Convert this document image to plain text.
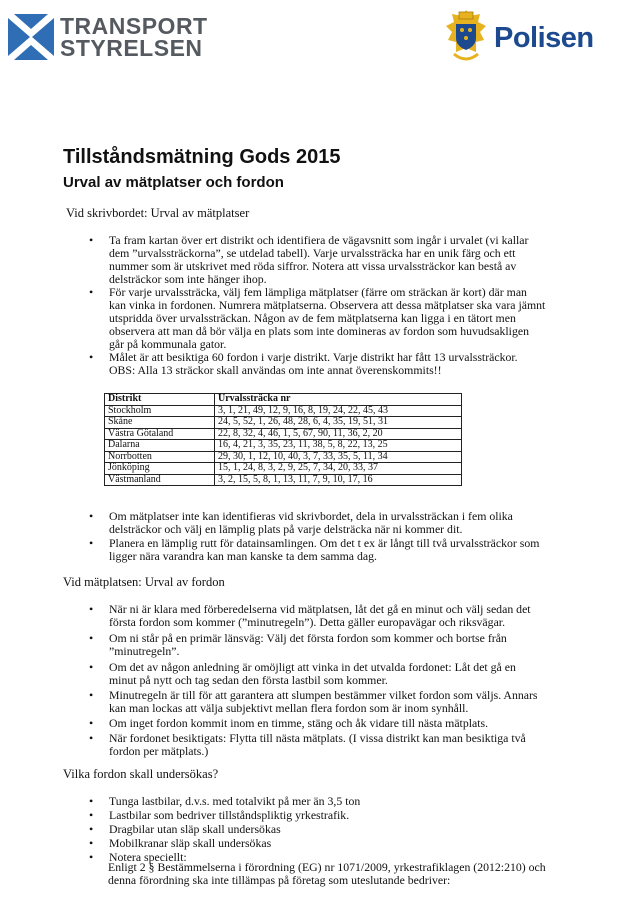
TRANSPORT
STYRELSEN	Polisen
Tillståndsmätning Gods 2015
Urval av mätplatser och fordon
Vid skrivbordet: Urval av mätplatser
• Ta fram kartan över ert distrikt och identifiera de vägavsnitt som ingår i urvalet (vi kallar dem ”urvalssträckorna”, se utdelad tabell). Varje urvalssträcka har en unik färg och ett nummer som är utskrivet med röda siffror. Notera att vissa urvalssträckor kan bestå av delsträckor som inte hänger ihop.
• För varje urvalssträcka, välj fem lämpliga mätplatser (färre om sträckan är kort) där man kan vinka in fordonen. Numrera mätplatserna. Observera att dessa mätplatser ska vara jämnt utspridda över urvalssträckan. Någon av de fem mätplatserna kan ligga i en tätort men observera att man då bör välja en plats som inte domineras av fordon som huvudsakligen går på kommunala gator.
• Målet är att besiktiga 60 fordon i varje distrikt. Varje distrikt har fått 13 urvalssträckor. OBS: Alla 13 sträckor skall användas om inte annat överenskommits!!
Distrikt	Urvalssträcka nr
Stockholm	3, 1, 21, 49, 12, 9, 16, 8, 19, 24, 22, 45, 43
Skåne	24, 5, 52, 1, 26, 48, 28, 6, 4, 35, 19, 51, 31
Västra Götaland	22, 8, 32, 4, 46, 1, 5, 67, 90, 11, 36, 2, 20
Dalarna	16, 4, 21, 3, 35, 23, 11, 38, 5, 8, 22, 13, 25
Norrbotten	29, 30, 1, 12, 10, 40, 3, 7, 33, 35, 5, 11, 34
Jönköping	15, 1, 24, 8, 3, 2, 9, 25, 7, 34, 20, 33, 37
Västmanland	3, 2, 15, 5, 8, 1, 13, 11, 7, 9, 10, 17, 16
• Om mätplatser inte kan identifieras vid skrivbordet, dela in urvalssträckan i fem olika delsträckor och välj en lämplig plats på varje delsträcka när ni kommer dit.
• Planera en lämplig rutt för datainsamlingen. Om det t ex är långt till två urvalssträckor som ligger nära varandra kan man kanske ta dem samma dag.
Vid mätplatsen: Urval av fordon
• När ni är klara med förberedelserna vid mätplatsen, låt det gå en minut och välj sedan det första fordon som kommer (”minutregeln”). Detta gäller europavägar och riksvägar.
• Om ni står på en primär länsväg: Välj det första fordon som kommer och bortse från ”minutregeln”.
• Om det av någon anledning är omöjligt att vinka in det utvalda fordonet: Låt det gå en minut på nytt och tag sedan den första lastbil som kommer.
• Minutregeln är till för att garantera att slumpen bestämmer vilket fordon som väljs. Annars kan man lockas att välja subjektivt mellan flera fordon som är inom synhåll.
• Om inget fordon kommit inom en timme, stäng och åk vidare till nästa mätplats.
• När fordonet besiktigats: Flytta till nästa mätplats. (I vissa distrikt kan man besiktiga två fordon per mätplats.)
Vilka fordon skall undersökas?
• Tunga lastbilar, d.v.s. med totalvikt på mer än 3,5 ton
• Lastbilar som bedriver tillståndspliktig yrkestrafik.
• Dragbilar utan släp skall undersökas
• Mobilkranar släp skall undersökas
• Notera speciellt:
Enligt 2 § Bestämmelserna i förordning (EG) nr 1071/2009, yrkestrafiklagen (2012:210) och denna förordning ska inte tillämpas på företag som uteslutande bedriver:
